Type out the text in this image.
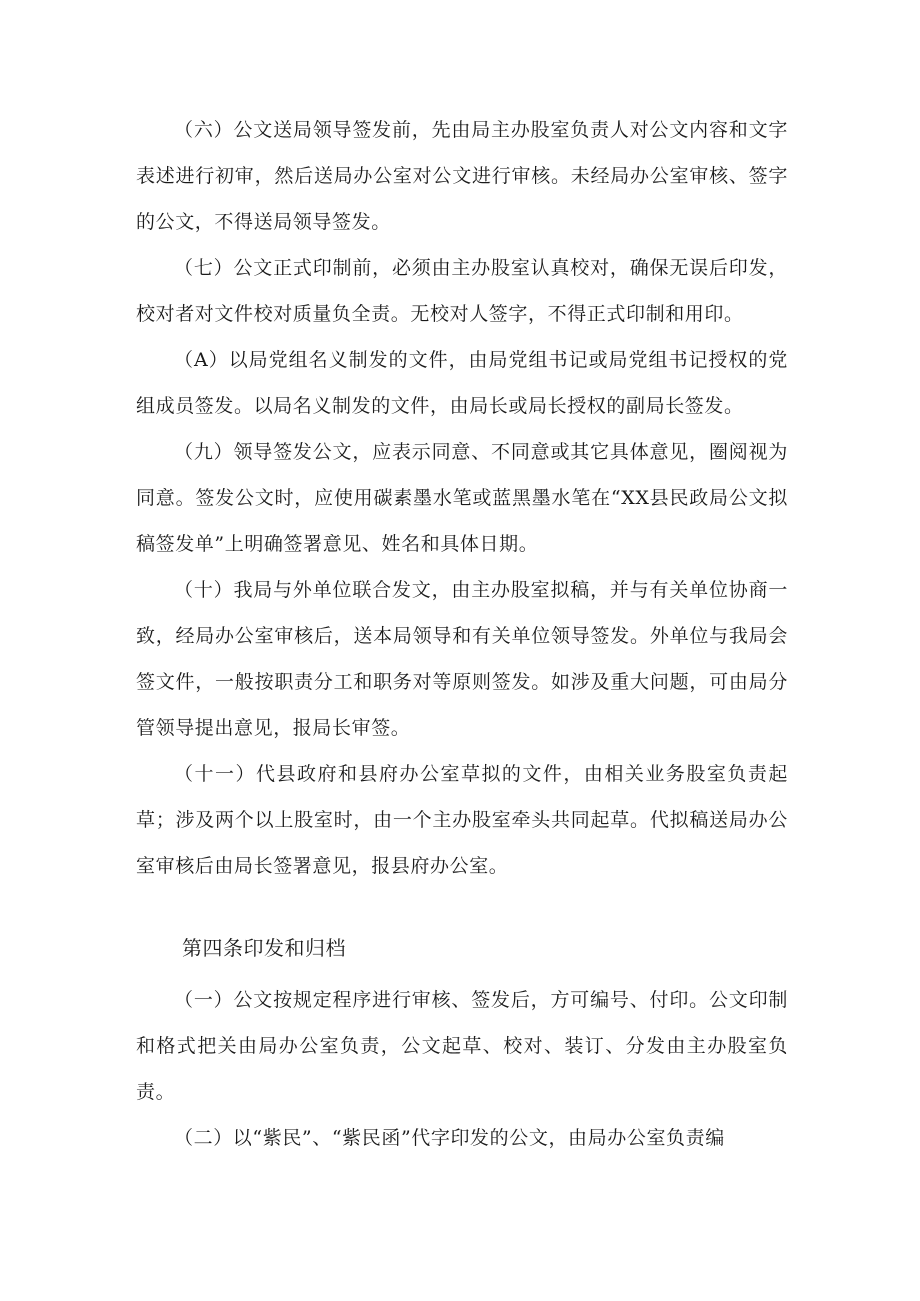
（六）公文送局领导签发前，先由局主办股室负责人对公文内容和文字表述进行初审，然后送局办公室对公文进行审核。未经局办公室审核、签字的公文，不得送局领导签发。

（七）公文正式印制前，必须由主办股室认真校对，确保无误后印发，校对者对文件校对质量负全责。无校对人签字，不得正式印制和用印。

（A）以局党组名义制发的文件，由局党组书记或局党组书记授权的党组成员签发。以局名义制发的文件，由局长或局长授权的副局长签发。

（九）领导签发公文，应表示同意、不同意或其它具体意见，圈阅视为同意。签发公文时，应使用碳素墨水笔或蓝黑墨水笔在“XX县民政局公文拟稿签发单”上明确签署意见、姓名和具体日期。

（十）我局与外单位联合发文，由主办股室拟稿，并与有关单位协商一致，经局办公室审核后，送本局领导和有关单位领导签发。外单位与我局会签文件，一般按职责分工和职务对等原则签发。如涉及重大问题，可由局分管领导提出意见，报局长审签。

（十一）代县政府和县府办公室草拟的文件，由相关业务股室负责起草；涉及两个以上股室时，由一个主办股室牵头共同起草。代拟稿送局办公室审核后由局长签署意见，报县府办公室。

第四条印发和归档

（一）公文按规定程序进行审核、签发后，方可编号、付印。公文印制和格式把关由局办公室负责，公文起草、校对、装订、分发由主办股室负责。

（二）以“紫民”、“紫民函”代字印发的公文，由局办公室负责编
